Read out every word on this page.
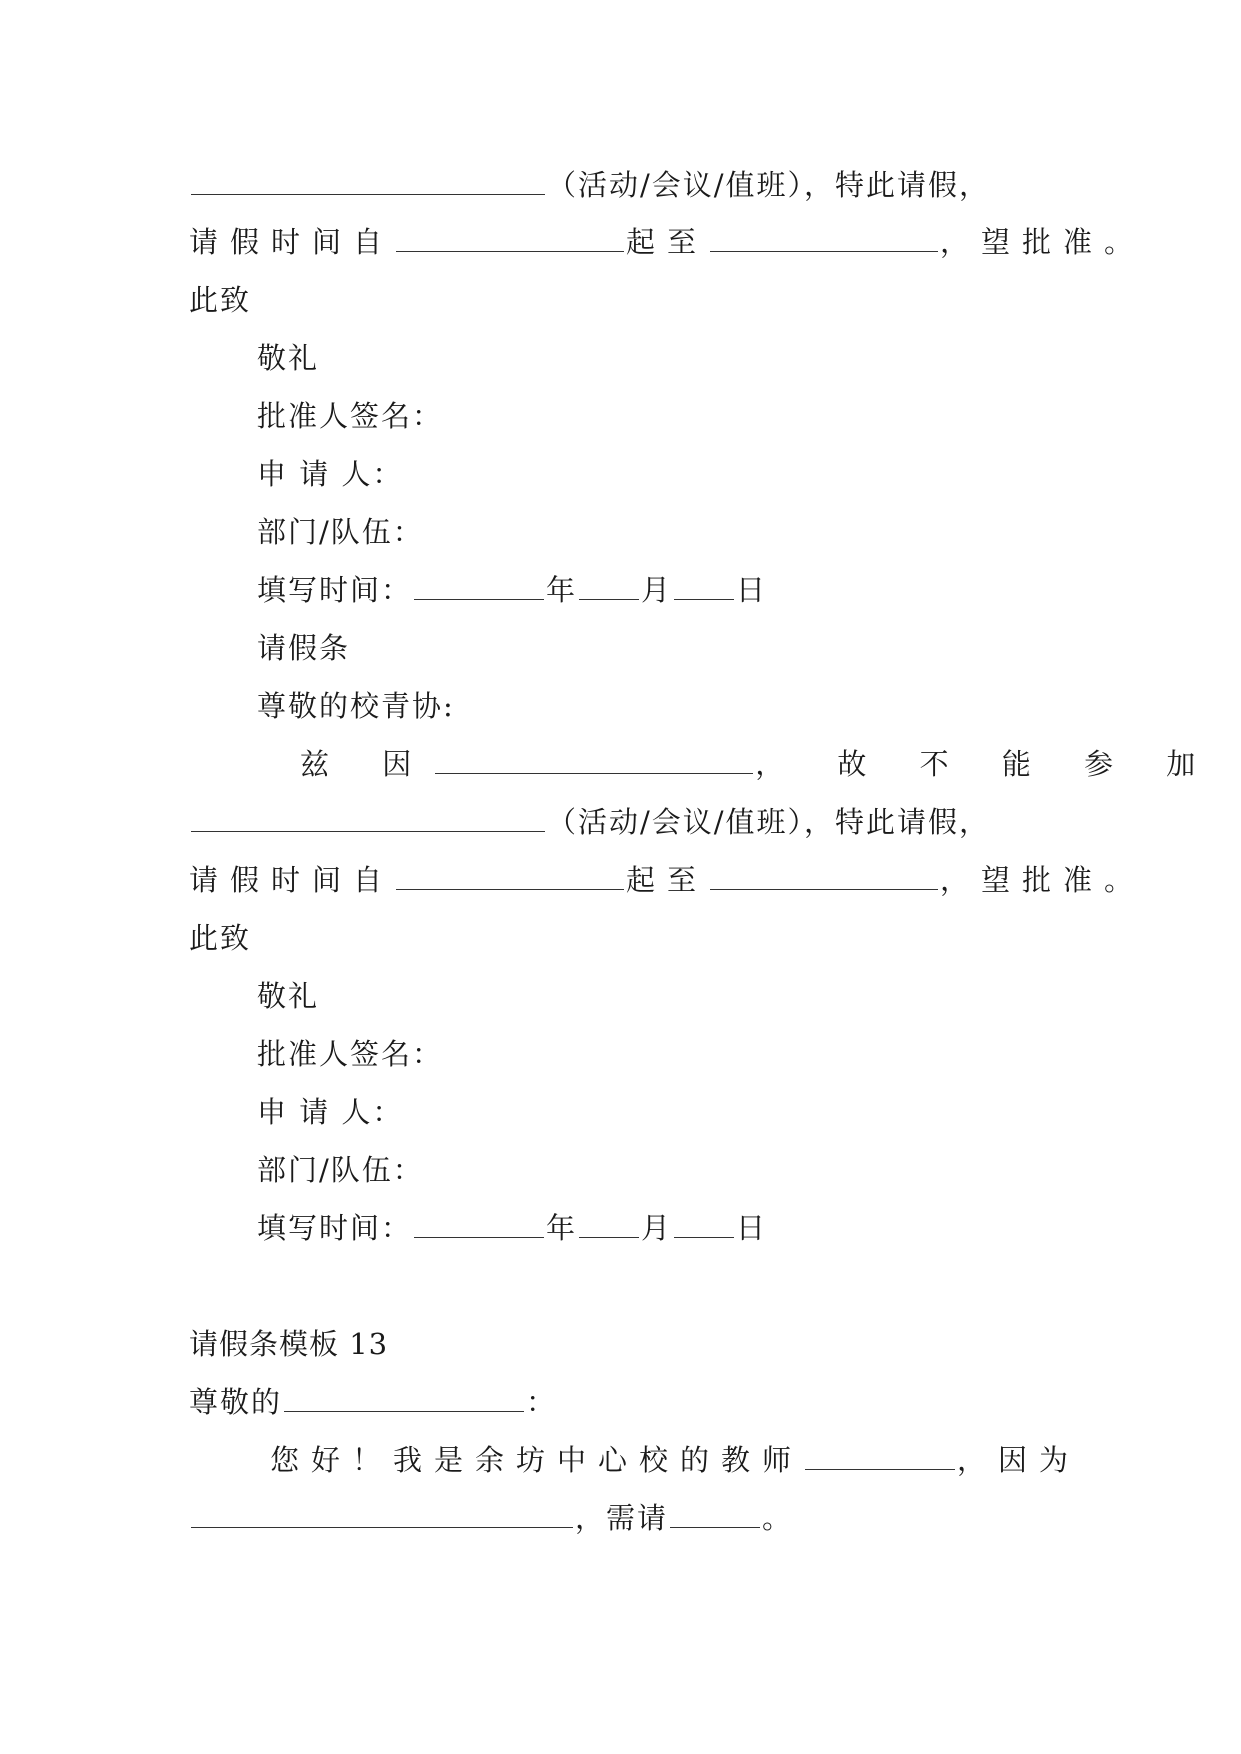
（活动/会议/值班），特此请假，
请假时间自	起至	，望批准。
此致
敬礼
批准人签名：
申 请 人：
部门/队伍：
填写时间：	年 月 日
请假条
尊敬的校青协:
兹 因	， 故 不 能 参 加
（活动/会议/值班），特此请假，
请假时间自	起至	，望批准。
此致
敬礼
批准人签名：
申 请 人：
部门/队伍：
填写时间：	年 月 日
请假条模板 13
尊敬的	：
您好！我是余坊中心校的教师	，因为
，需请	。
